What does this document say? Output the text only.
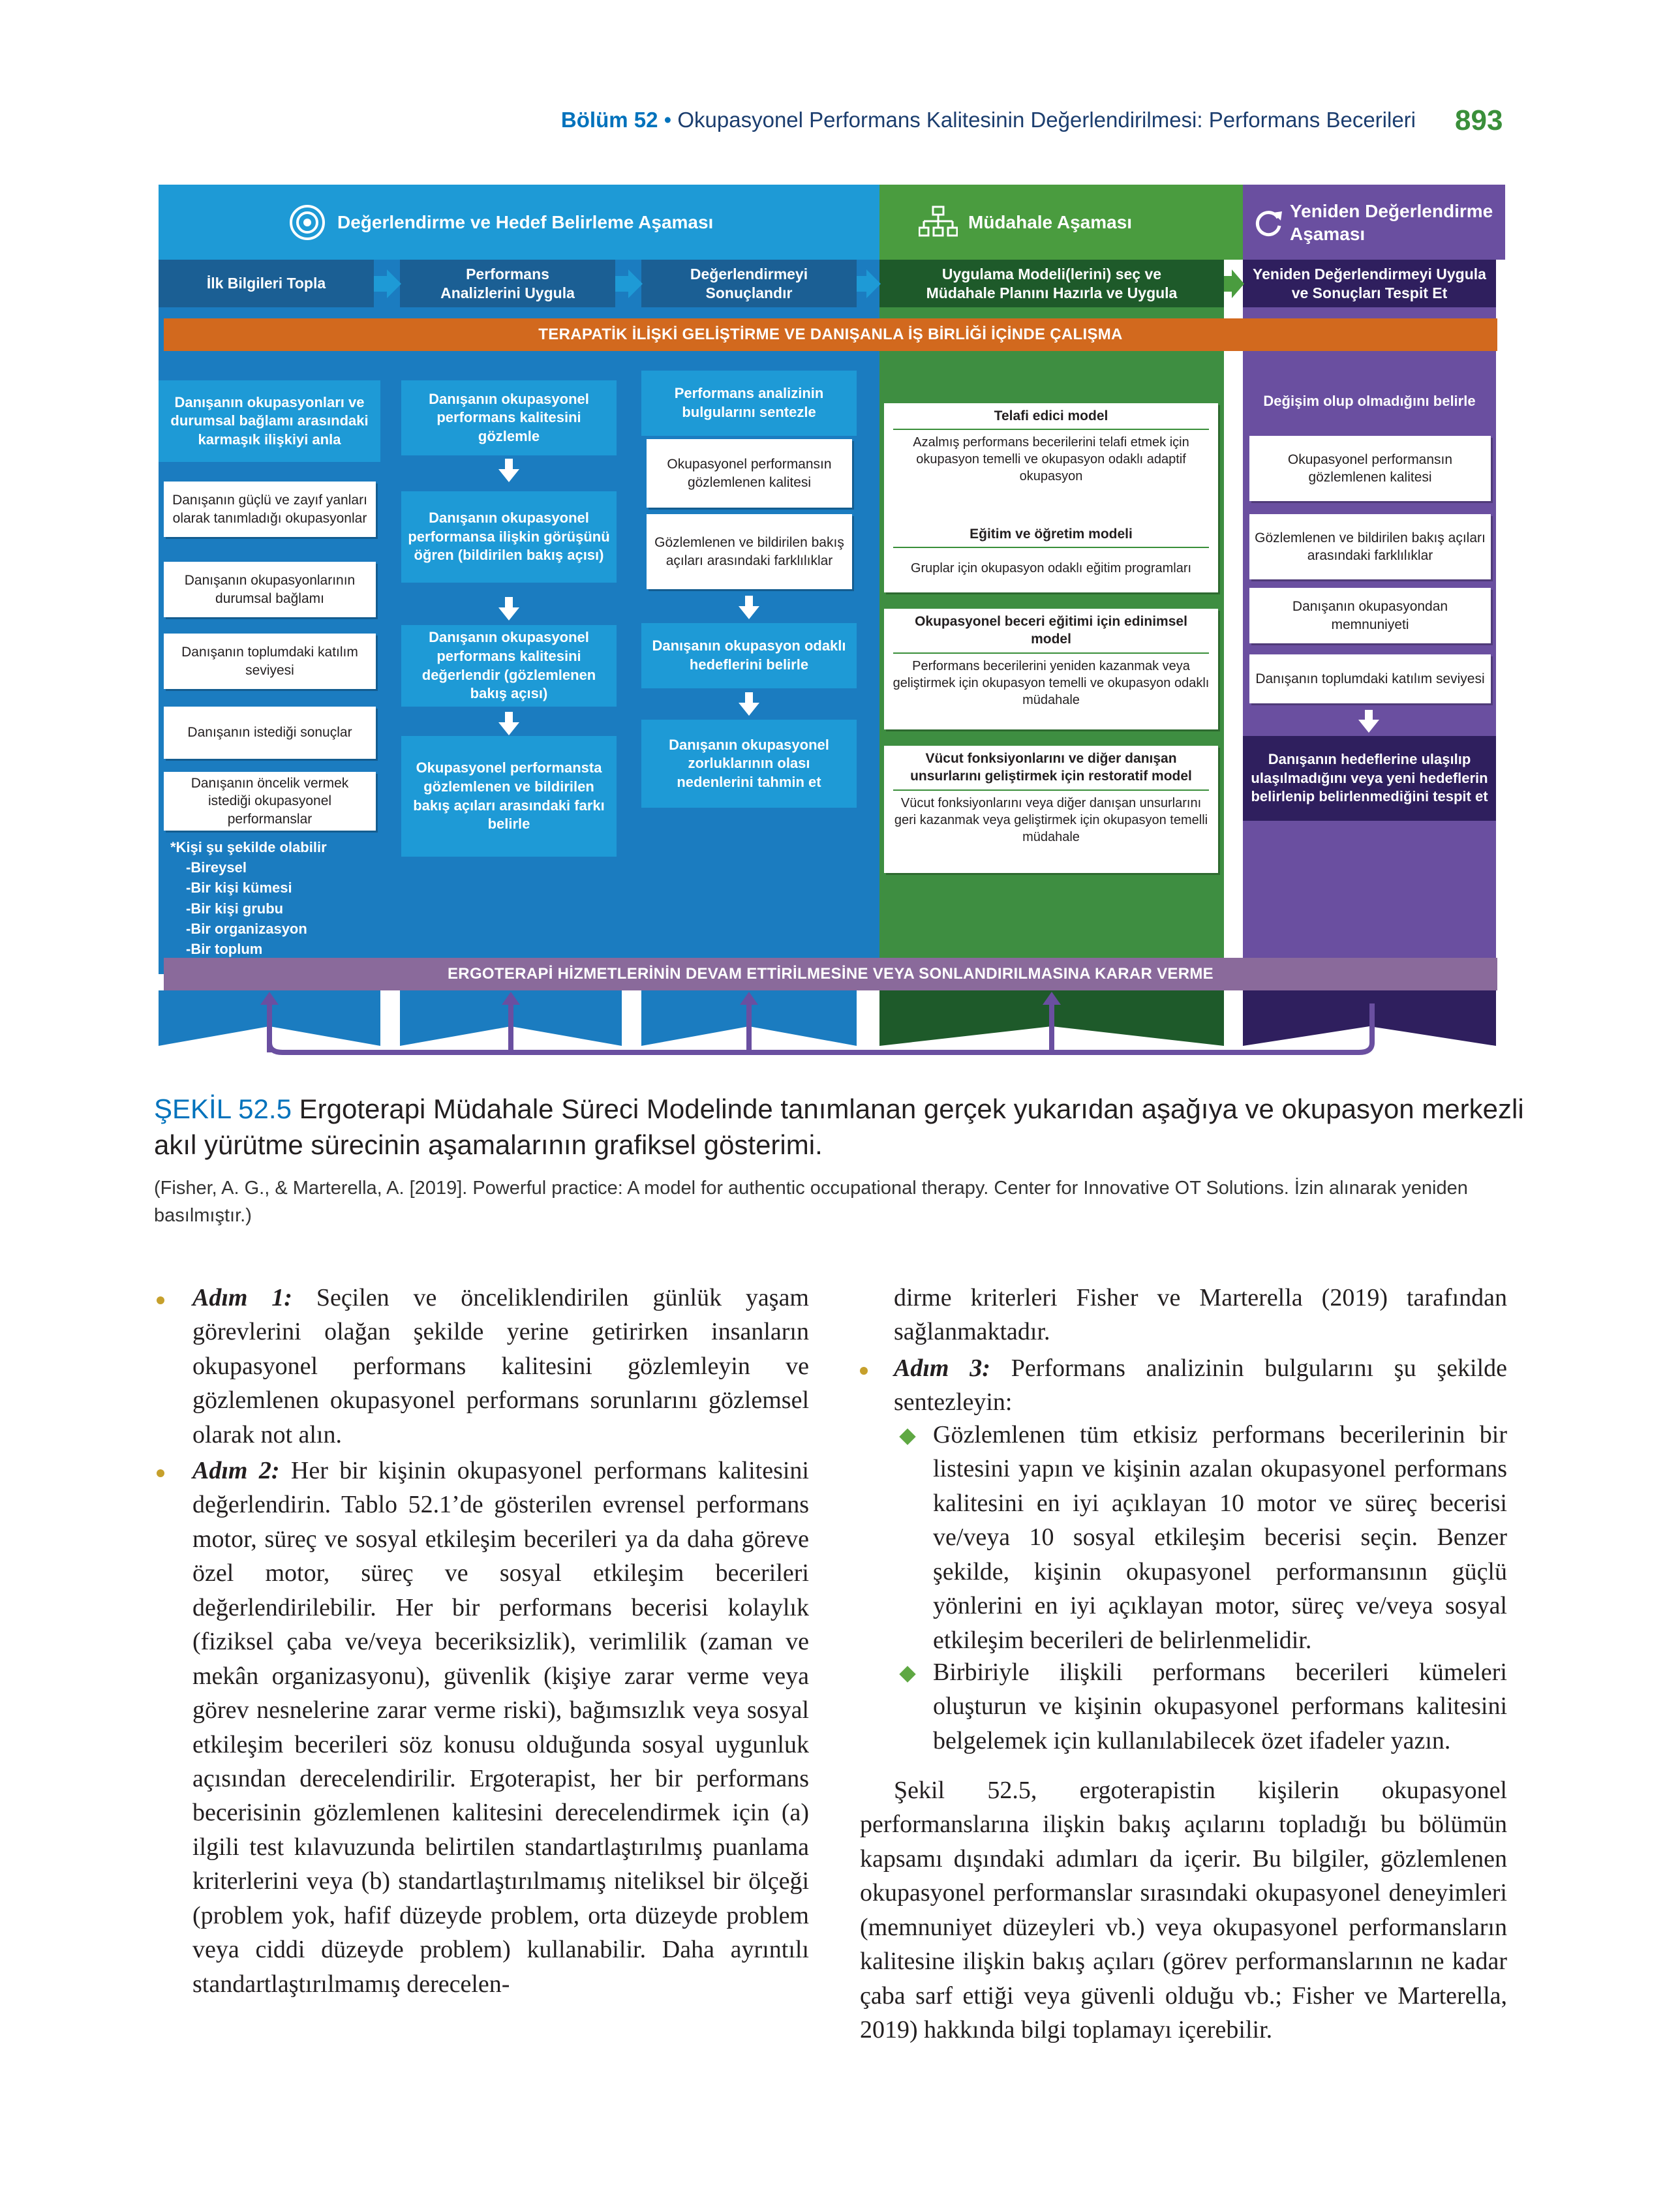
Bölüm 52 • Okupasyonel Performans Kalitesinin Değerlendirilmesi: Performans Becerileri 893
Değerlendirme ve Hedef Belirleme Aşaması	Müdahale Aşaması
Yeniden Değerlendirme Aşaması
İlk Bilgileri Topla
Performans Analizlerini Uygula
Değerlendirmeyi Sonuçlandır
Uygulama Modeli(lerini) seç ve Müdahale Planını Hazırla ve Uygula
Yeniden Değerlendirmeyi Uygula ve Sonuçları Tespit Et
TERAPATİK İLİŞKİ GELİŞTİRME VE DANIŞANLA İŞ BİRLİĞİ İÇİNDE ÇALIŞMA
Danışanın okupasyonları ve durumsal bağlamı arasındaki karmaşık ilişkiyi anla
Danışanın güçlü ve zayıf yanları olarak tanımladığı okupasyonlar
Danışanın okupasyonlarının durumsal bağlamı
Danışanın toplumdaki katılım seviyesi
Danışanın istediği sonuçlar
Danışanın öncelik vermek istediği okupasyonel performanslar
*Kişi şu şekilde olabilir
-Bireysel
-Bir kişi kümesi
-Bir kişi grubu
-Bir organizasyon
-Bir toplum
Danışanın okupasyonel performans kalitesini gözlemle
Danışanın okupasyonel performansa ilişkin görüşünü öğren (bildirilen bakış açısı)
Danışanın okupasyonel performans kalitesini değerlendir (gözlemlenen bakış açısı)
Okupasyonel performansta gözlemlenen ve bildirilen bakış açıları arasındaki farkı belirle
Performans analizinin bulgularını sentezle
Okupasyonel performansın gözlemlenen kalitesi
Gözlemlenen ve bildirilen bakış açıları arasındaki farklılıklar
Danışanın okupasyon odaklı hedeflerini belirle
Danışanın okupasyonel zorluklarının olası nedenlerini tahmin et
Telafi edici model
Azalmış performans becerilerini telafi etmek için okupasyon temelli ve okupasyon odaklı adaptif okupasyon
Eğitim ve öğretim modeli
Gruplar için okupasyon odaklı eğitim programları
Okupasyonel beceri eğitimi için edinimsel model
Performans becerilerini yeniden kazanmak veya geliştirmek için okupasyon temelli ve okupasyon odaklı müdahale
Vücut fonksiyonlarını ve diğer danışan unsurlarını geliştirmek için restoratif model
Vücut fonksiyonlarını veya diğer danışan unsurlarını geri kazanmak veya geliştirmek için okupasyon temelli müdahale
Değişim olup olmadığını belirle
Okupasyonel performansın gözlemlenen kalitesi
Gözlemlenen ve bildirilen bakış açıları arasındaki farklılıklar
Danışanın okupasyondan memnuniyeti
Danışanın toplumdaki katılım seviyesi
Danışanın hedeflerine ulaşılıp ulaşılmadığını veya yeni hedeflerin belirlenip belirlenmediğini tespit et
ERGOTERAPİ HİZMETLERİNİN DEVAM ETTİRİLMESİNE VEYA SONLANDIRILMASINA KARAR VERME
ŞEKİL 52.5 Ergoterapi Müdahale Süreci Modelinde tanımlanan gerçek yukarıdan aşağıya ve okupasyon merkezli akıl yürütme sürecinin aşamalarının grafiksel gösterimi.
(Fisher, A. G., & Marterella, A. [2019]. Powerful practice: A model for authentic occupational therapy. Center for Innovative OT Solutions. İzin alınarak yeniden basılmıştır.)
Adım 1: Seçilen ve önceliklendirilen günlük yaşam görevlerini olağan şekilde yerine getirirken insanların okupasyonel performans kalitesini gözlemleyin ve gözlemlenen okupasyonel performans sorunlarını gözlemsel olarak not alın.
Adım 2: Her bir kişinin okupasyonel performans kalitesini değerlendirin. Tablo 52.1’de gösterilen evrensel performans motor, süreç ve sosyal etkileşim becerileri ya da daha göreve özel motor, süreç ve sosyal etkileşim becerileri değerlendirilebilir. Her bir performans becerisi kolaylık (fiziksel çaba ve/veya beceriksizlik), verimlilik (zaman ve mekân organizasyonu), güvenlik (kişiye zarar verme veya görev nesnelerine zarar verme riski), bağımsızlık veya sosyal etkileşim becerileri söz konusu olduğunda sosyal uygunluk açısından derecelendirilir. Ergoterapist, her bir performans becerisinin gözlemlenen kalitesini derecelendirmek için (a) ilgili test kılavuzunda belirtilen standartlaştırılmış puanlama kriterlerini veya (b) standartlaştırılmamış niteliksel bir ölçeği (problem yok, hafif düzeyde problem, orta düzeyde problem veya ciddi düzeyde problem) kullanabilir. Daha ayrıntılı standartlaştırılmamış derecelen-
dirme kriterleri Fisher ve Marterella (2019) tarafından sağlanmaktadır.
Adım 3: Performans analizinin bulgularını şu şekilde sentezleyin:
Gözlemlenen tüm etkisiz performans becerilerinin bir listesini yapın ve kişinin azalan okupasyonel performans kalitesini en iyi açıklayan 10 motor ve süreç becerisi ve/veya 10 sosyal etkileşim becerisi seçin. Benzer şekilde, kişinin okupasyonel performansının güçlü yönlerini en iyi açıklayan motor, süreç ve/veya sosyal etkileşim becerileri de belirlenmelidir.
Birbiriyle ilişkili performans becerileri kümeleri oluşturun ve kişinin okupasyonel performans kalitesini belgelemek için kullanılabilecek özet ifadeler yazın.
Şekil 52.5, ergoterapistin kişilerin okupasyonel performanslarına ilişkin bakış açılarını topladığı bu bölümün kapsamı dışındaki adımları da içerir. Bu bilgiler, gözlemlenen okupasyonel performanslar sırasındaki okupasyonel deneyimleri (memnuniyet düzeyleri vb.) veya okupasyonel performansların kalitesine ilişkin bakış açıları (görev performanslarının ne kadar çaba sarf ettiği veya güvenli olduğu vb.; Fisher ve Marterella, 2019) hakkında bilgi toplamayı içerebilir.
